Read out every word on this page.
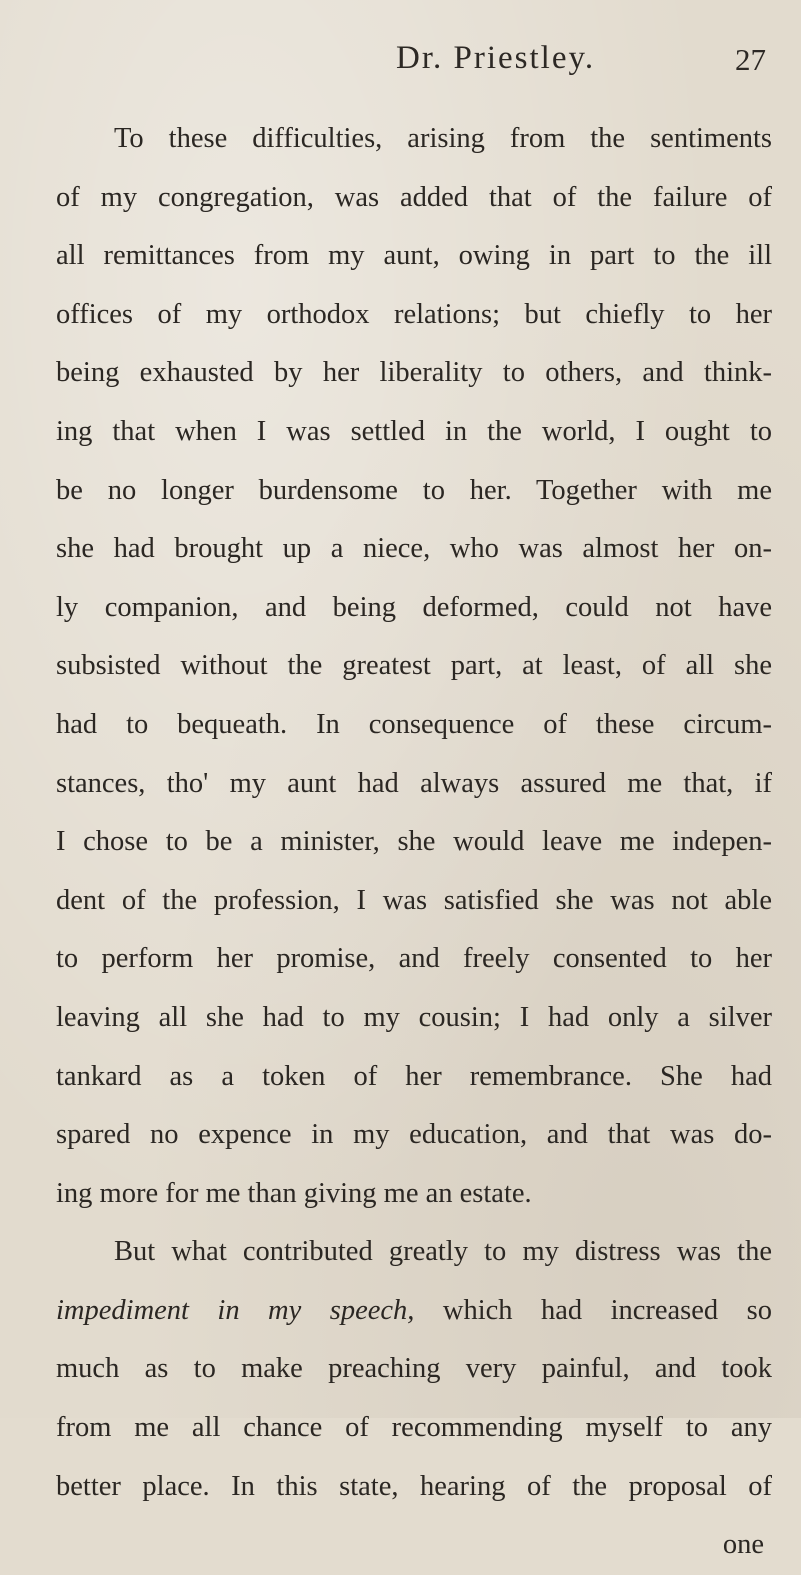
Dr. Priestley.	27
To these difficulties, arising from the sentiments
of my congregation, was added that of the failure of
all remittances from my aunt, owing in part to the ill
offices of my orthodox relations; but chiefly to her
being exhausted by her liberality to others, and think-
ing that when I was settled in the world, I ought to
be no longer burdensome to her. Together with me
she had brought up a niece, who was almost her on-
ly companion, and being deformed, could not have
subsisted without the greatest part, at least, of all she
had to bequeath. In consequence of these circum-
stances, tho' my aunt had always assured me that, if
I chose to be a minister, she would leave me indepen-
dent of the profession, I was satisfied she was not able
to perform her promise, and freely consented to her
leaving all she had to my cousin; I had only a silver
tankard as a token of her remembrance. She had
spared no expence in my education, and that was do-
ing more for me than giving me an estate.
But what contributed greatly to my distress was the
impediment in my speech, which had increased so
much as to make preaching very painful, and took
from me all chance of recommending myself to any
better place. In this state, hearing of the proposal of
one
